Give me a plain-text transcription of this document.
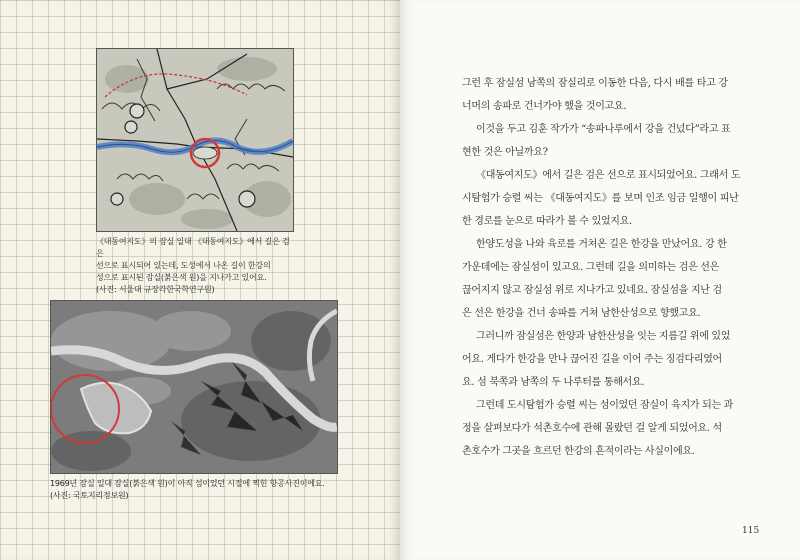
《대동여지도》의 잠실 일대 《대동여지도》에서 길은 검은
선으로 표시되어 있는데, 도성에서 나온 길이 한강의
성으로 표시된 잠실(붉은색 원)을 지나가고 있어요.
(사진: 서울대 규장각한국학연구원)
1969년 잠실 일대 잠실(붉은색 원)이 아직 섬이었던 시절에 찍힌 항공사진이에요.
(사진: 국토지리정보원)
그런 후 잠실섬 남쪽의 잠실리로 이동한 다음, 다시 배를 타고 강
너머의 송파로 건너가야 했을 것이고요.
이것을 두고 김훈 작가가 “송파나루에서 강을 건넜다”라고 표
현한 것은 아닐까요?
《대동여지도》에서 길은 검은 선으로 표시되었어요. 그래서 도
시탐험가 승렬 씨는 《대동여지도》를 보며 인조 임금 일행이 피난
한 경로를 눈으로 따라가 볼 수 있었지요.
한양도성을 나와 육로를 거쳐온 길은 한강을 만났어요. 강 한
가운데에는 잠실섬이 있고요. 그런데 길을 의미하는 검은 선은
끊어지지 않고 잠실섬 위로 지나가고 있네요. 잠실섬을 지난 검
은 선은 한강을 건너 송파를 거쳐 남한산성으로 향했고요.
그러니까 잠실섬은 한양과 남한산성을 잇는 지름길 위에 있었
어요. 게다가 한강을 만나 끊어진 길을 이어 주는 징검다리였어
요. 섬 북쪽과 남쪽의 두 나루터를 통해서요.
그런데 도시탐험가 승렬 씨는 섬이었던 잠실이 육지가 되는 과
정을 살펴보다가 석촌호수에 관해 몰랐던 걸 알게 되었어요. 석
촌호수가 그곳을 흐르던 한강의 흔적이라는 사실이에요.
115
